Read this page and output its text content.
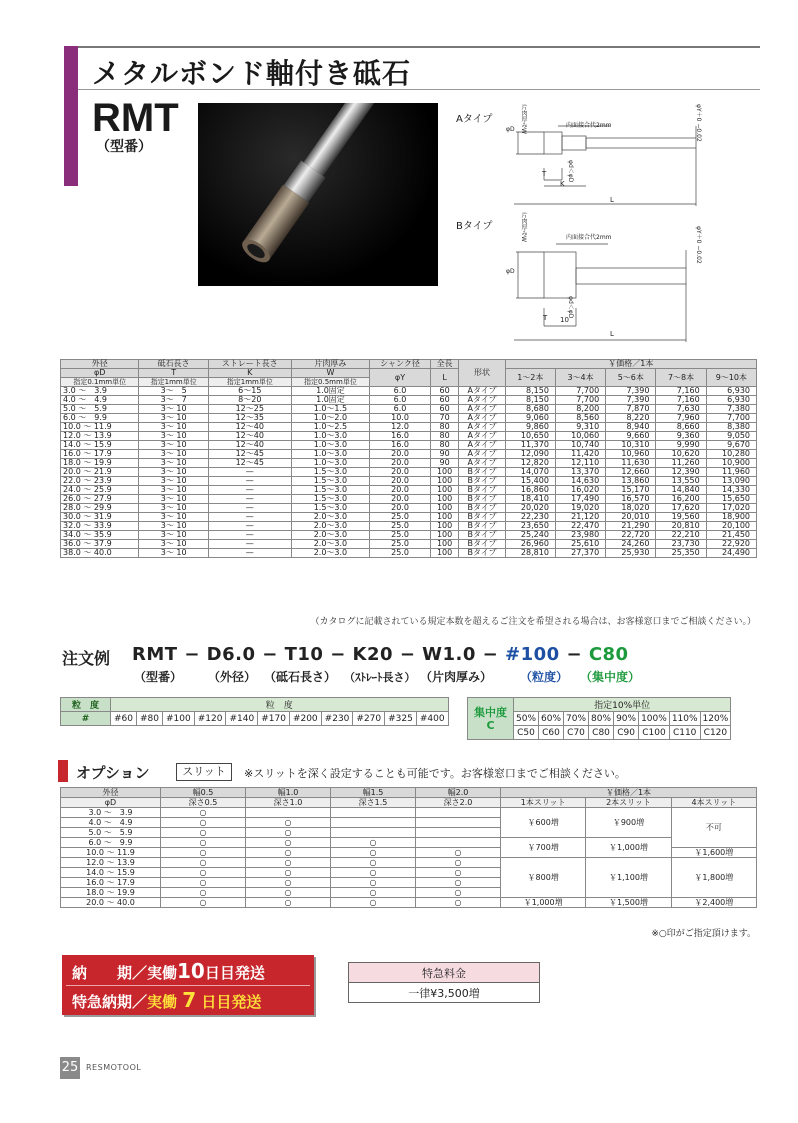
メタルボンド軸付き砥石
RMT
（型番）
Aタイプ
内面接合代2mm
φD 片肉厚みW	φY＋0 −0.02
φd＜φD
T
K
L
Bタイプ
内面接合代2mm
φD
片肉厚みW	φY＋0 −0.02
φd＜φD
T 10
L
外径	砥石長さ	ストレート長さ	片肉厚み	シャンク径	全長	形状	￥価格／1本				
φD	T	K	W	φY	L		1〜2本	3〜4本	5〜6本	7〜8本	9〜10本
指定0.1mm単位	指定1mm単位	指定1mm単位	指定0.5mm単位								
3.0 〜　3.9	3〜　5	6〜15	1.0固定	6.0	60	Aタイプ	8,150	7,700	7,390	7,160	6,930
4.0 〜　4.9	3〜　7	8〜20	1.0固定	6.0	60	Aタイプ	8,150	7,700	7,390	7,160	6,930
5.0 〜　5.9	3〜 10	12〜25	1.0〜1.5	6.0	60	Aタイプ	8,680	8,200	7,870	7,630	7,380
6.0 〜　9.9	3〜 10	12〜35	1.0〜2.0	10.0	70	Aタイプ	9,060	8,560	8,220	7,960	7,700
10.0 〜 11.9	3〜 10	12〜40	1.0〜2.5	12.0	80	Aタイプ	9,860	9,310	8,940	8,660	8,380
12.0 〜 13.9	3〜 10	12〜40	1.0〜3.0	16.0	80	Aタイプ	10,650	10,060	9,660	9,360	9,050
14.0 〜 15.9	3〜 10	12〜40	1.0〜3.0	16.0	80	Aタイプ	11,370	10,740	10,310	9,990	9,670
16.0 〜 17.9	3〜 10	12〜45	1.0〜3.0	20.0	90	Aタイプ	12,090	11,420	10,960	10,620	10,280
18.0 〜 19.9	3〜 10	12〜45	1.0〜3.0	20.0	90	Aタイプ	12,820	12,110	11,630	11,260	10,900
20.0 〜 21.9	3〜 10	—	1.5〜3.0	20.0	100	Bタイプ	14,070	13,370	12,660	12,390	11,960
22.0 〜 23.9	3〜 10	—	1.5〜3.0	20.0	100	Bタイプ	15,400	14,630	13,860	13,550	13,090
24.0 〜 25.9	3〜 10	—	1.5〜3.0	20.0	100	Bタイプ	16,860	16,020	15,170	14,840	14,330
26.0 〜 27.9	3〜 10	—	1.5〜3.0	20.0	100	Bタイプ	18,410	17,490	16,570	16,200	15,650
28.0 〜 29.9	3〜 10	—	1.5〜3.0	20.0	100	Bタイプ	20,020	19,020	18,020	17,620	17,020
30.0 〜 31.9	3〜 10	—	2.0〜3.0	25.0	100	Bタイプ	22,230	21,120	20,010	19,560	18,900
32.0 〜 33.9	3〜 10	—	2.0〜3.0	25.0	100	Bタイプ	23,650	22,470	21,290	20,810	20,100
34.0 〜 35.9	3〜 10	—	2.0〜3.0	25.0	100	Bタイプ	25,240	23,980	22,720	22,210	21,450
36.0 〜 37.9	3〜 10	—	2.0〜3.0	25.0	100	Bタイプ	26,960	25,610	24,260	23,730	22,920
38.0 〜 40.0	3〜 10	—	2.0〜3.0	25.0	100	Bタイプ	28,810	27,370	25,930	25,350	24,490
（カタログに記載されている規定本数を超えるご注文を希望される場合は、お客様窓口までご相談ください。）
注文例 RMT − D6.0 − T10 − K20 − W1.0 − #100 − C80
（型番） （外径） （砥石長さ） （ｽﾄﾚｰﾄ長さ） （片肉厚み） （粒度） （集中度）
粒　度	粒　度										
#	#60	#80	#100	#120	#140	#170	#200	#230	#270	#325	#400	集中度
C	指定10%単位							
	50%	60%	70%	80%	90%	100%	110%	120%
	C50	C60	C70	C80	C90	C100	C110	C120
オプション	スリット	※スリットを深く設定することも可能です。お客様窓口までご相談ください。
外径	幅0.5	幅1.0	幅1.5	幅2.0	￥価格／1本		
φD	深さ0.5	深さ1.0	深さ1.5	深さ2.0	1本スリット	2本スリット	4本スリット
3.0 〜　3.9	○				￥600増	￥900増	不可
4.0 〜　4.9	○	○					
5.0 〜　5.9	○	○					
6.0 〜　9.9	○	○	○		￥700増	￥1,000増	
10.0 〜 11.9	○	○	○	○			￥1,600増
12.0 〜 13.9	○	○	○	○	￥800増	￥1,100増	￥1,800増
14.0 〜 15.9	○	○	○	○			
16.0 〜 17.9	○	○	○	○			
18.0 〜 19.9	○	○	○	○			
20.0 〜 40.0	○	○	○	○	￥1,000増	￥1,500増	￥2,400増
※○印がご指定頂けます。
納　　期／実働10日目発送
特急納期／実働 7 日目発送
特急料金
一律¥3,500増
25 RESMOTOOL
